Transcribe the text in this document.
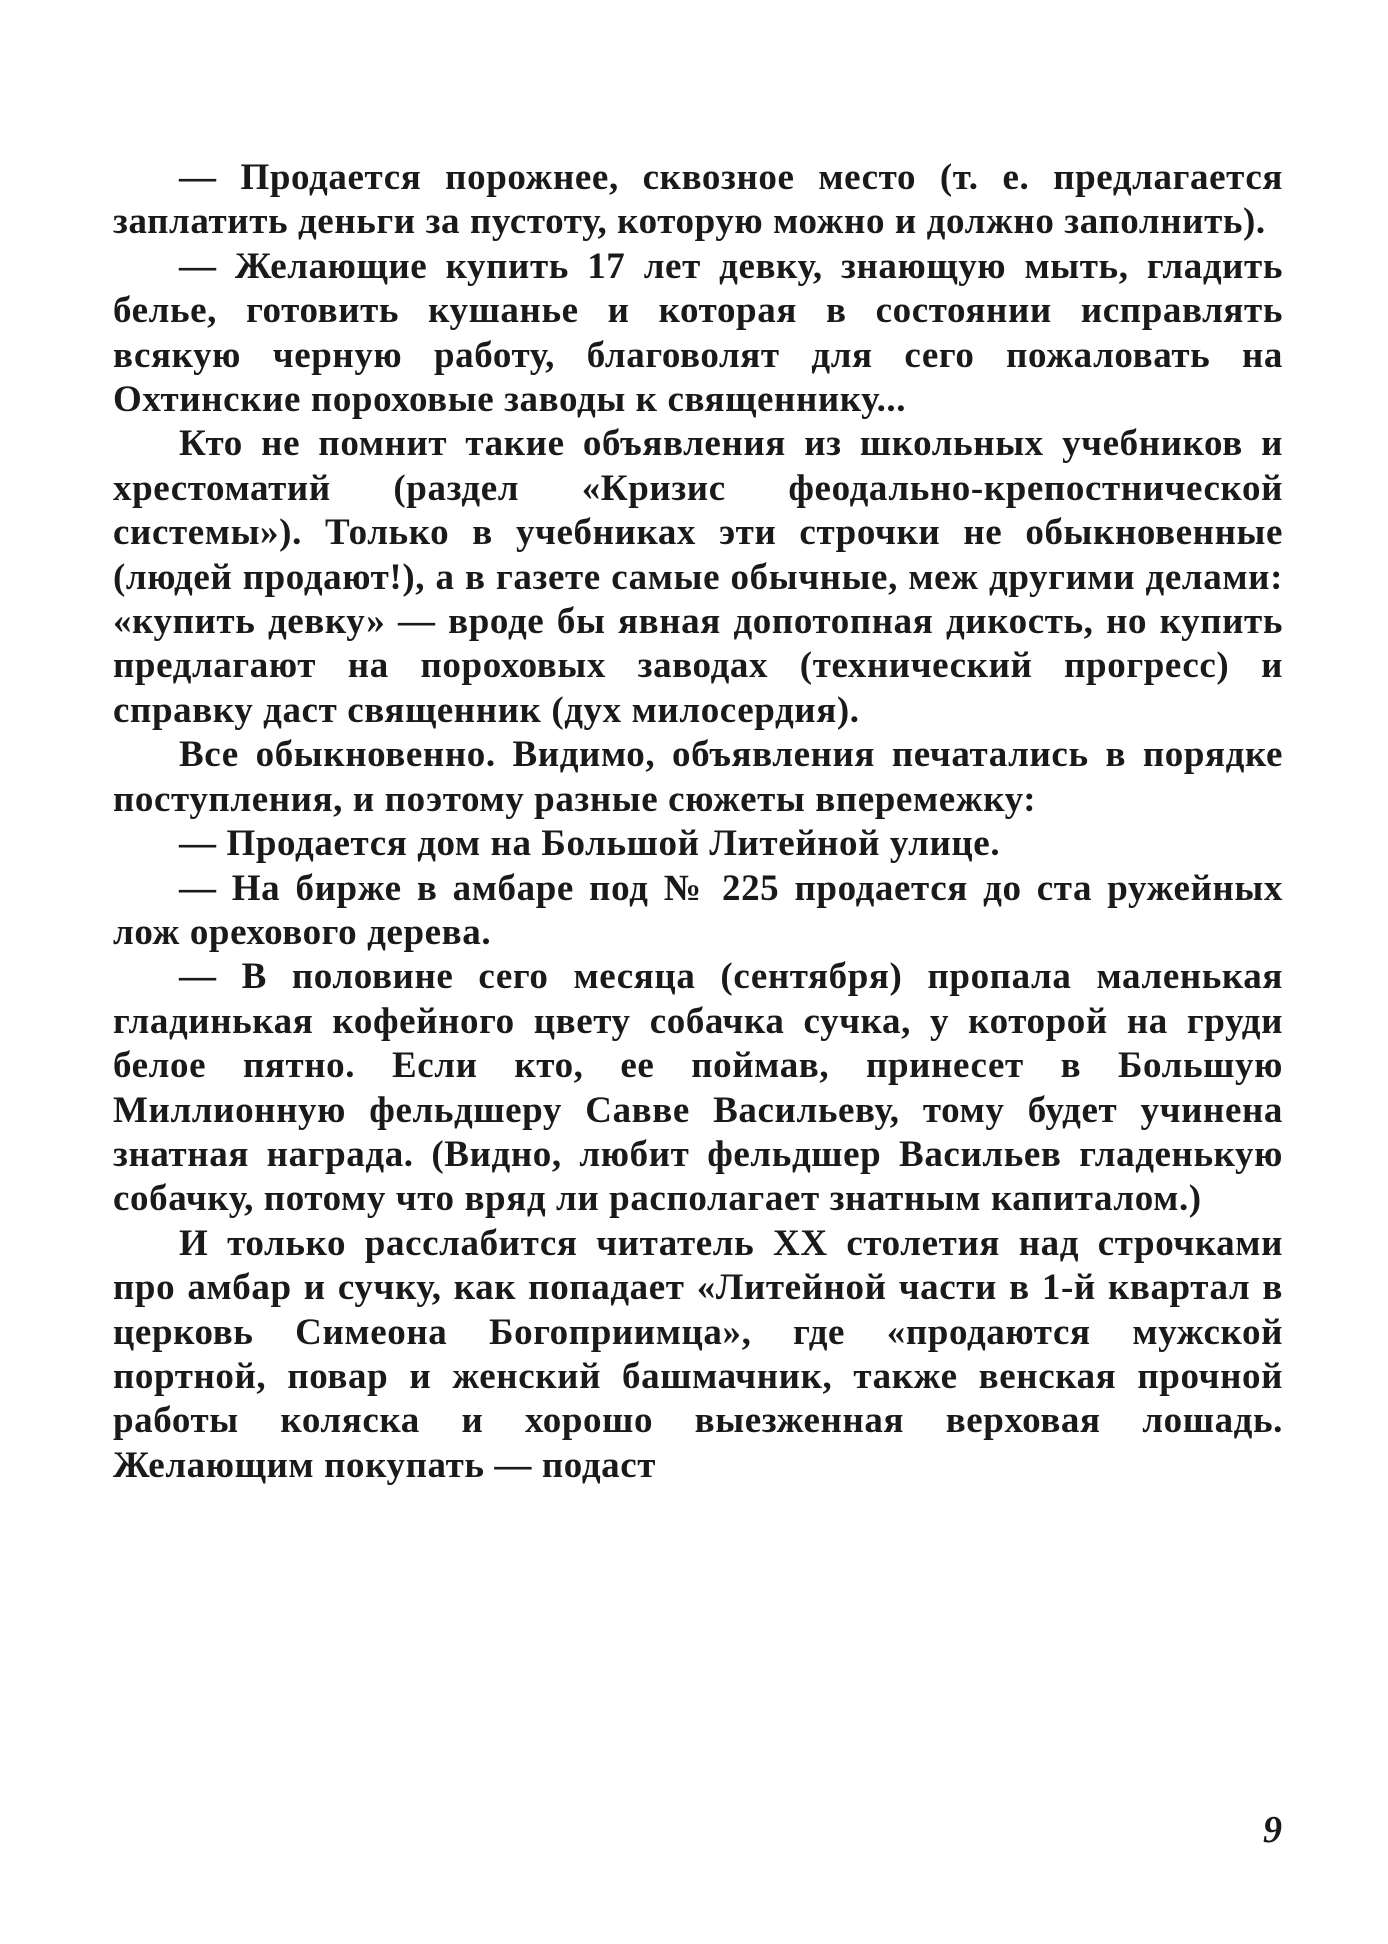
— Продается порожнее, сквозное место (т. е. предлагается заплатить деньги за пустоту, которую можно и должно заполнить).

— Желающие купить 17 лет девку, знающую мыть, гладить белье, готовить кушанье и которая в состоянии исправлять всякую черную работу, благоволят для сего пожаловать на Охтинские пороховые заводы к священнику...

Кто не помнит такие объявления из школьных учебников и хрестоматий (раздел «Кризис феодально-крепостнической системы»). Только в учебниках эти строчки не обыкновенные (людей продают!), а в газете самые обычные, меж другими делами: «купить девку» — вроде бы явная допотопная дикость, но купить предлагают на пороховых заводах (технический прогресс) и справку даст священник (дух милосердия).

Все обыкновенно. Видимо, объявления печатались в порядке поступления, и поэтому разные сюжеты вперемежку:

— Продается дом на Большой Литейной улице.

— На бирже в амбаре под № 225 продается до ста ружейных лож орехового дерева.

— В половине сего месяца (сентября) пропала маленькая гладинькая кофейного цвету собачка сучка, у которой на груди белое пятно. Если кто, ее поймав, принесет в Большую Миллионную фельдшеру Савве Васильеву, тому будет учинена знатная награда. (Видно, любит фельдшер Васильев гладенькую собачку, потому что вряд ли располагает знатным капиталом.)

И только расслабится читатель XX столетия над строчками про амбар и сучку, как попадает «Литейной части в 1-й квартал в церковь Симеона Богоприимца», где «продаются мужской портной, повар и женский башмачник, также венская прочной работы коляска и хорошо выезженная верховая лошадь. Желающим покупать — подаст

9
